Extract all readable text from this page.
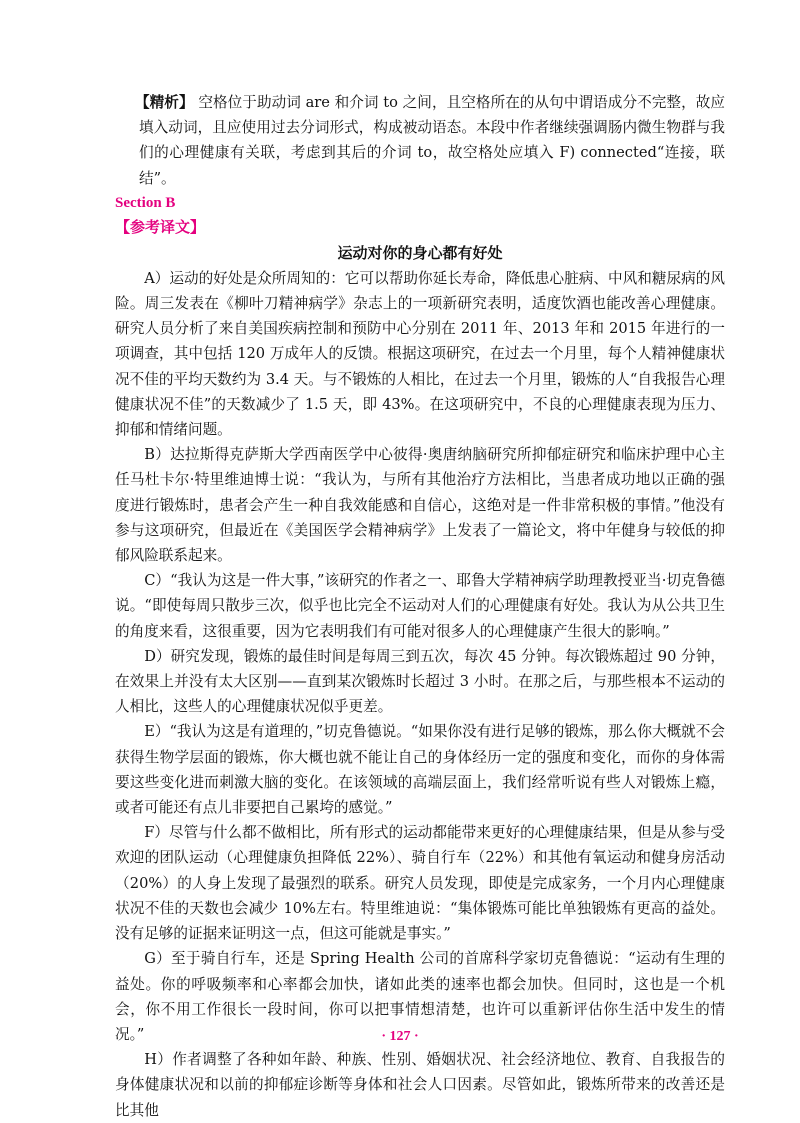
【精析】 空格位于助动词 are 和介词 to 之间，且空格所在的从句中谓语成分不完整，故应填入动词，且应使用过去分词形式，构成被动语态。本段中作者继续强调肠内微生物群与我们的心理健康有关联，考虑到其后的介词 to，故空格处应填入 F) connected“连接，联结”。

Section B

【参考译文】

运动对你的身心都有好处

A）运动的好处是众所周知的：它可以帮助你延长寿命，降低患心脏病、中风和糖尿病的风险。周三发表在《柳叶刀精神病学》杂志上的一项新研究表明，适度饮酒也能改善心理健康。研究人员分析了来自美国疾病控制和预防中心分别在 2011 年、2013 年和 2015 年进行的一项调查，其中包括 120 万成年人的反馈。根据这项研究，在过去一个月里，每个人精神健康状况不佳的平均天数约为 3.4 天。与不锻炼的人相比，在过去一个月里，锻炼的人“自我报告心理健康状况不佳”的天数减少了 1.5 天，即 43%。在这项研究中，不良的心理健康表现为压力、抑郁和情绪问题。

B）达拉斯得克萨斯大学西南医学中心彼得·奥唐纳脑研究所抑郁症研究和临床护理中心主任马杜卡尔·特里维迪博士说：“我认为，与所有其他治疗方法相比，当患者成功地以正确的强度进行锻炼时，患者会产生一种自我效能感和自信心，这绝对是一件非常积极的事情。”他没有参与这项研究，但最近在《美国医学会精神病学》上发表了一篇论文，将中年健身与较低的抑郁风险联系起来。

C）“我认为这是一件大事，”该研究的作者之一、耶鲁大学精神病学助理教授亚当·切克鲁德说。“即使每周只散步三次，似乎也比完全不运动对人们的心理健康有好处。我认为从公共卫生的角度来看，这很重要，因为它表明我们有可能对很多人的心理健康产生很大的影响。”

D）研究发现，锻炼的最佳时间是每周三到五次，每次 45 分钟。每次锻炼超过 90 分钟，在效果上并没有太大区别——直到某次锻炼时长超过 3 小时。在那之后，与那些根本不运动的人相比，这些人的心理健康状况似乎更差。

E）“我认为这是有道理的，”切克鲁德说。“如果你没有进行足够的锻炼，那么你大概就不会获得生物学层面的锻炼，你大概也就不能让自己的身体经历一定的强度和变化，而你的身体需要这些变化进而刺激大脑的变化。在该领域的高端层面上，我们经常听说有些人对锻炼上瘾，或者可能还有点儿非要把自己累垮的感觉。”

F）尽管与什么都不做相比，所有形式的运动都能带来更好的心理健康结果，但是从参与受欢迎的团队运动（心理健康负担降低 22%）、骑自行车（22%）和其他有氧运动和健身房活动（20%）的人身上发现了最强烈的联系。研究人员发现，即使是完成家务，一个月内心理健康状况不佳的天数也会减少 10%左右。特里维迪说：“集体锻炼可能比单独锻炼有更高的益处。没有足够的证据来证明这一点，但这可能就是事实。”

G）至于骑自行车，还是 Spring Health 公司的首席科学家切克鲁德说：“运动有生理的益处。你的呼吸频率和心率都会加快，诸如此类的速率也都会加快。但同时，这也是一个机会，你不用工作很长一段时间，你可以把事情想清楚，也许可以重新评估你生活中发生的情况。”

H）作者调整了各种如年龄、种族、性别、婚姻状况、社会经济地位、教育、自我报告的身体健康状况和以前的抑郁症诊断等身体和社会人口因素。尽管如此，锻炼所带来的改善还是比其他

· 127 ·
